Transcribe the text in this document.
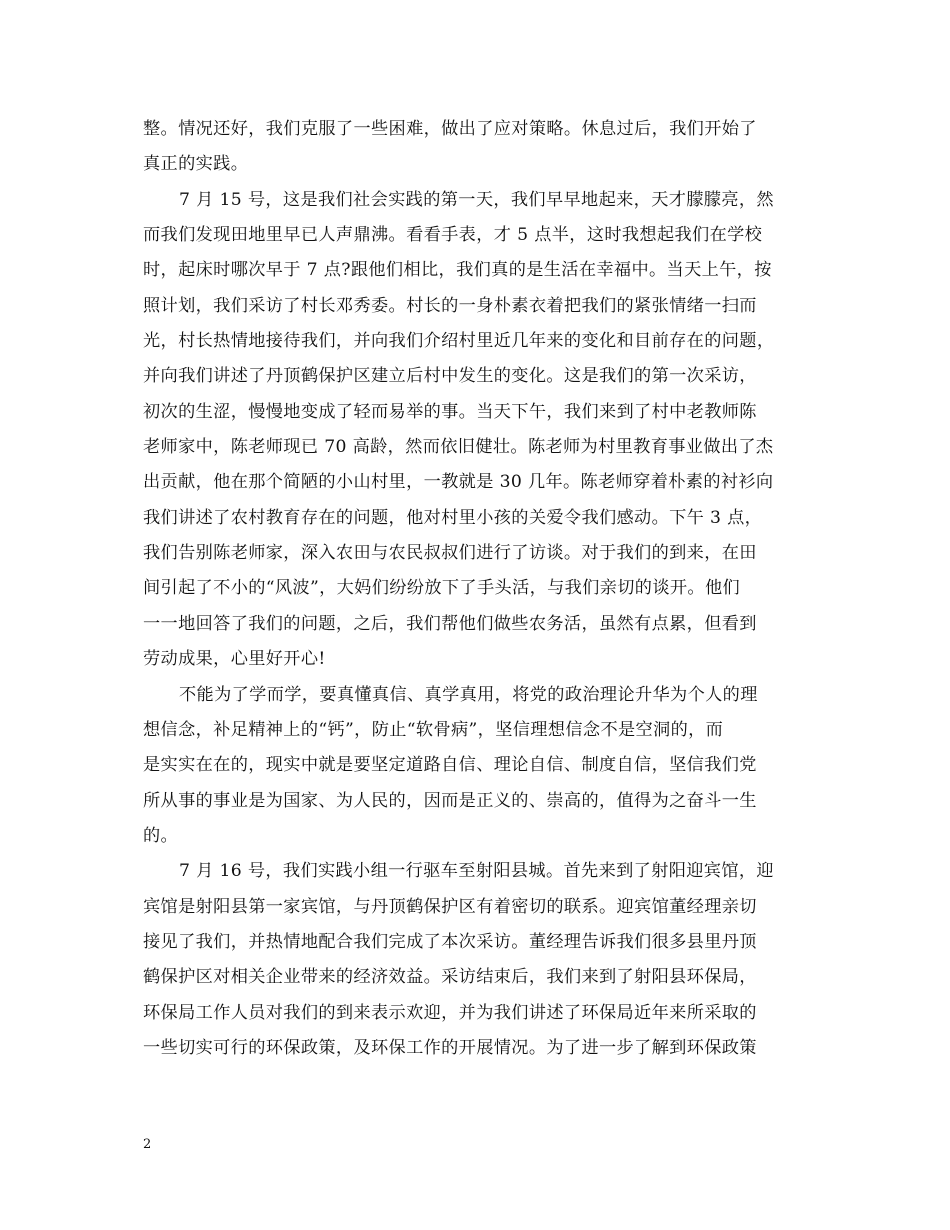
整。情况还好，我们克服了一些困难，做出了应对策略。休息过后，我们开始了
真正的实践。
7 月 15 号，这是我们社会实践的第一天，我们早早地起来，天才朦朦亮，然
而我们发现田地里早已人声鼎沸。看看手表，才 5 点半，这时我想起我们在学校
时，起床时哪次早于 7 点?跟他们相比，我们真的是生活在幸福中。当天上午，按
照计划，我们采访了村长邓秀委。村长的一身朴素衣着把我们的紧张情绪一扫而
光，村长热情地接待我们，并向我们介绍村里近几年来的变化和目前存在的问题，
并向我们讲述了丹顶鹤保护区建立后村中发生的变化。这是我们的第一次采访，
初次的生涩，慢慢地变成了轻而易举的事。当天下午，我们来到了村中老教师陈
老师家中，陈老师现已 70 高龄，然而依旧健壮。陈老师为村里教育事业做出了杰
出贡献，他在那个简陋的小山村里，一教就是 30 几年。陈老师穿着朴素的衬衫向
我们讲述了农村教育存在的问题，他对村里小孩的关爱令我们感动。下午 3 点，
我们告别陈老师家，深入农田与农民叔叔们进行了访谈。对于我们的到来，在田
间引起了不小的“风波”，大妈们纷纷放下了手头活，与我们亲切的谈开。他们
一一地回答了我们的问题，之后，我们帮他们做些农务活，虽然有点累，但看到
劳动成果，心里好开心!
不能为了学而学，要真懂真信、真学真用，将党的政治理论升华为个人的理
想信念，补足精神上的“钙”，防止“软骨病”，坚信理想信念不是空洞的，而
是实实在在的，现实中就是要坚定道路自信、理论自信、制度自信，坚信我们党
所从事的事业是为国家、为人民的，因而是正义的、崇高的，值得为之奋斗一生
的。
7 月 16 号，我们实践小组一行驱车至射阳县城。首先来到了射阳迎宾馆，迎
宾馆是射阳县第一家宾馆，与丹顶鹤保护区有着密切的联系。迎宾馆董经理亲切
接见了我们，并热情地配合我们完成了本次采访。董经理告诉我们很多县里丹顶
鹤保护区对相关企业带来的经济效益。采访结束后，我们来到了射阳县环保局，
环保局工作人员对我们的到来表示欢迎，并为我们讲述了环保局近年来所采取的
一些切实可行的环保政策，及环保工作的开展情况。为了进一步了解到环保政策
2
